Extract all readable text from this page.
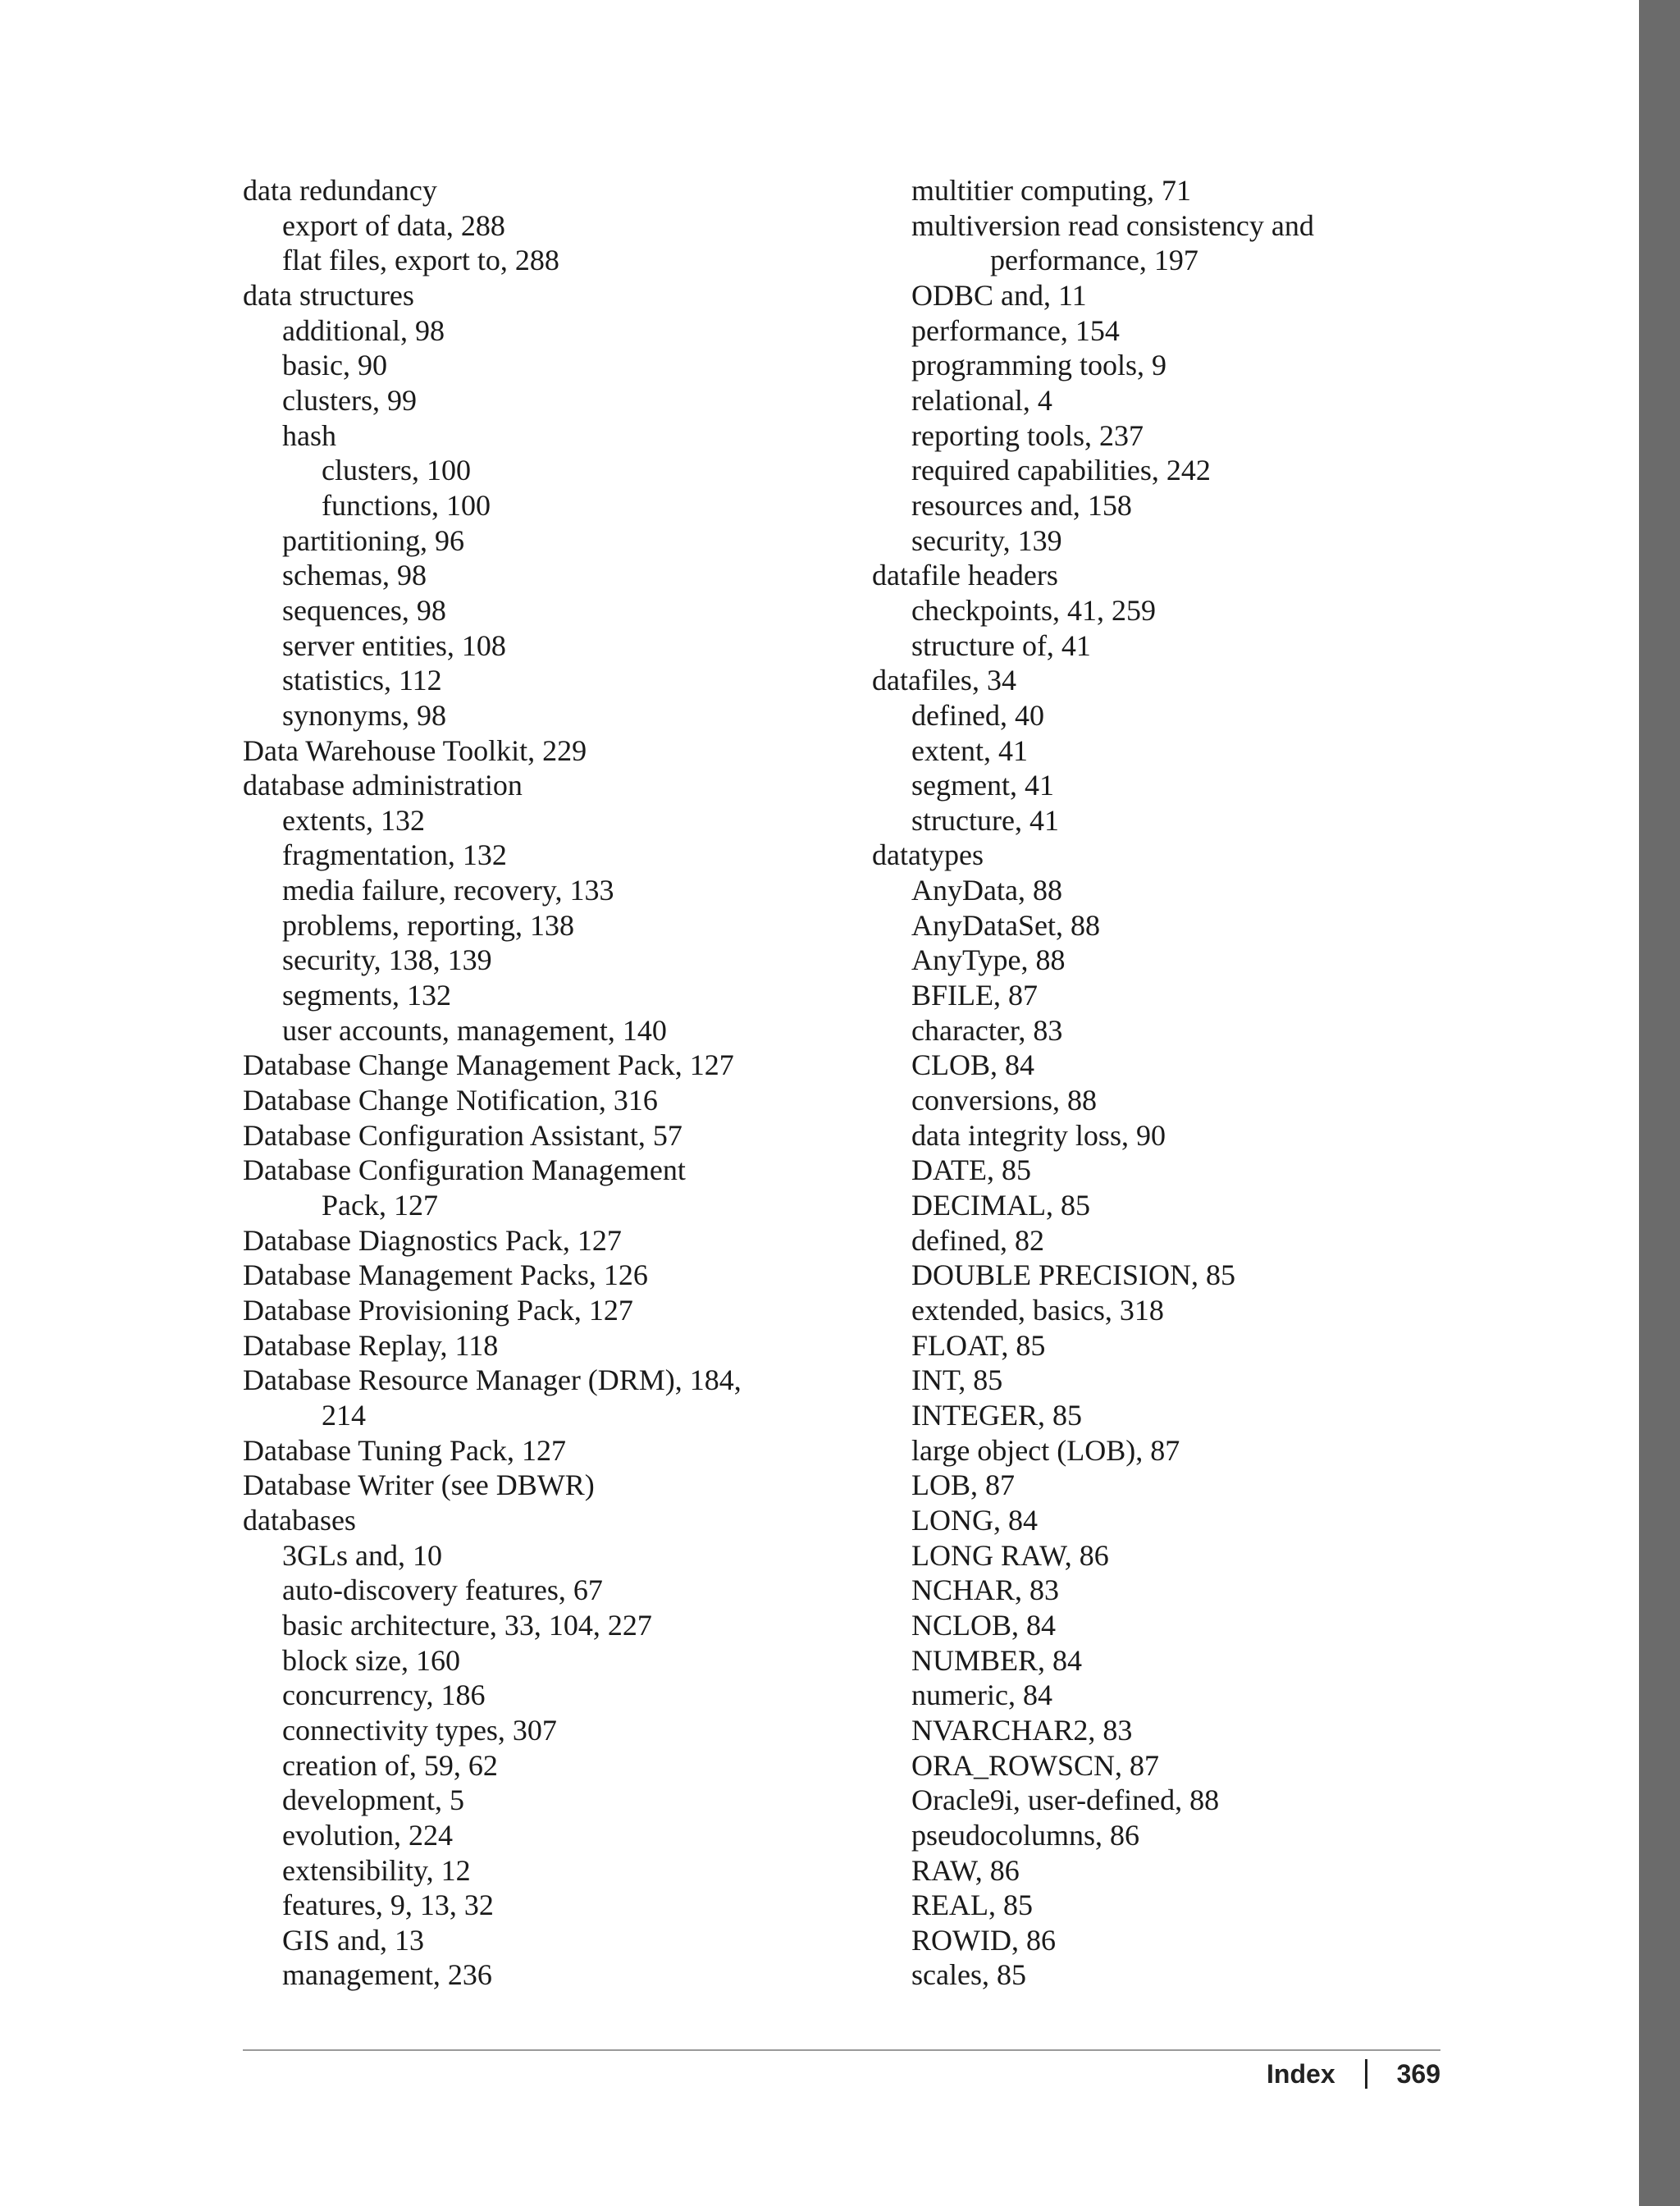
data redundancy
export of data, 288
flat files, export to, 288
data structures
additional, 98
basic, 90
clusters, 99
hash
clusters, 100
functions, 100
partitioning, 96
schemas, 98
sequences, 98
server entities, 108
statistics, 112
synonyms, 98
Data Warehouse Toolkit, 229
database administration
extents, 132
fragmentation, 132
media failure, recovery, 133
problems, reporting, 138
security, 138, 139
segments, 132
user accounts, management, 140
Database Change Management Pack, 127
Database Change Notification, 316
Database Configuration Assistant, 57
Database Configuration Management
Pack, 127
Database Diagnostics Pack, 127
Database Management Packs, 126
Database Provisioning Pack, 127
Database Replay, 118
Database Resource Manager (DRM), 184,
214
Database Tuning Pack, 127
Database Writer (see DBWR)
databases
3GLs and, 10
auto-discovery features, 67
basic architecture, 33, 104, 227
block size, 160
concurrency, 186
connectivity types, 307
creation of, 59, 62
development, 5
evolution, 224
extensibility, 12
features, 9, 13, 32
GIS and, 13
management, 236
multitier computing, 71
multiversion read consistency and
performance, 197
ODBC and, 11
performance, 154
programming tools, 9
relational, 4
reporting tools, 237
required capabilities, 242
resources and, 158
security, 139
datafile headers
checkpoints, 41, 259
structure of, 41
datafiles, 34
defined, 40
extent, 41
segment, 41
structure, 41
datatypes
AnyData, 88
AnyDataSet, 88
AnyType, 88
BFILE, 87
character, 83
CLOB, 84
conversions, 88
data integrity loss, 90
DATE, 85
DECIMAL, 85
defined, 82
DOUBLE PRECISION, 85
extended, basics, 318
FLOAT, 85
INT, 85
INTEGER, 85
large object (LOB), 87
LOB, 87
LONG, 84
LONG RAW, 86
NCHAR, 83
NCLOB, 84
NUMBER, 84
numeric, 84
NVARCHAR2, 83
ORA_ROWSCN, 87
Oracle9i, user-defined, 88
pseudocolumns, 86
RAW, 86
REAL, 85
ROWID, 86
scales, 85
Index 369
